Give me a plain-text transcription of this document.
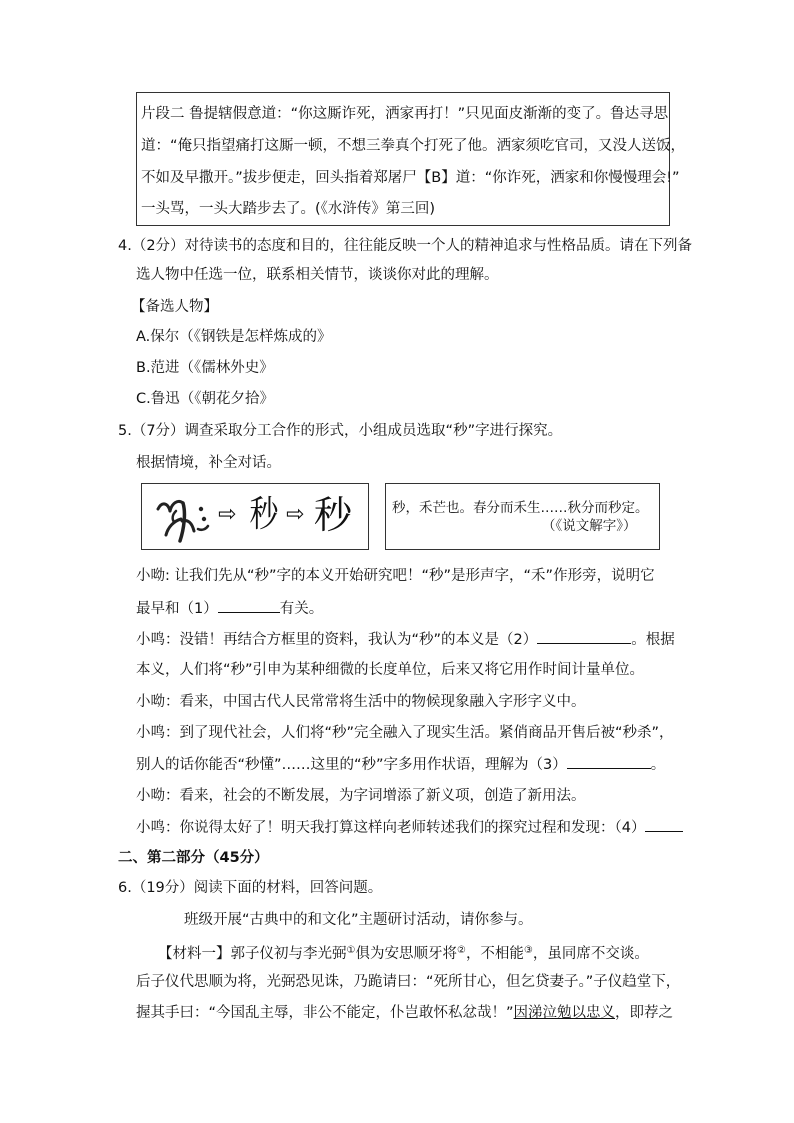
片段二 鲁提辖假意道：“你这厮诈死，洒家再打！”只见面皮渐渐的变了。鲁达寻思
道：“俺只指望痛打这厮一顿，不想三拳真个打死了他。洒家须吃官司，又没人送饭，
不如及早撒开。”拔步便走，回头指着郑屠尸【B】道：“你诈死，洒家和你慢慢理会!”
一头骂，一头大踏步去了。(《水浒传》第三回)
4.（2分）对待读书的态度和目的，往往能反映一个人的精神追求与性格品质。请在下列备
选人物中任选一位，联系相关情节，谈谈你对此的理解。
【备选人物】
A.保尔（《钢铁是怎样炼成的》
B.范进（《儒林外史》
C.鲁迅（《朝花夕拾》
5.（7分）调查采取分工合作的形式，小组成员选取“秒”字进行探究。
根据情境，补全对话。
⇨ 秒 ⇨ 秒	秒，禾芒也。春分而禾生……秋分而秒定。
（《说文解字》）
小呦: 让我们先从“秒”字的本义开始研究吧！“秒”是形声字，“禾”作形旁，说明它
最早和（1）	有关。
小鸣：没错！再结合方框里的资料，我认为“秒”的本义是（2）	。根据
本义，人们将“秒”引申为某种细微的长度单位，后来又将它用作时间计量单位。
小呦：看来，中国古代人民常常将生活中的物候现象融入字形字义中。
小鸣：到了现代社会，人们将“秒”完全融入了现实生活。紧俏商品开售后被“秒杀”，
别人的话你能否“秒懂”……这里的“秒”字多用作状语，理解为（3）	。
小呦：看来，社会的不断发展，为字词增添了新义项，创造了新用法。
小鸣：你说得太好了！明天我打算这样向老师转述我们的探究过程和发现：（4）
二、第二部分（45分）
6.（19分）阅读下面的材料，回答问题。
班级开展“古典中的和文化”主题研讨活动，请你参与。
【材料一】郭子仪初与李光弼①俱为安思顺牙将②，不相能③，虽同席不交谈。
后子仪代思顺为将，光弼恐见诛，乃跪请曰：“死所甘心，但乞贷妻子。”子仪趋堂下，
握其手曰：“今国乱主辱，非公不能定，仆岂敢怀私忿哉！”因涕泣勉以忠义，即荐之
